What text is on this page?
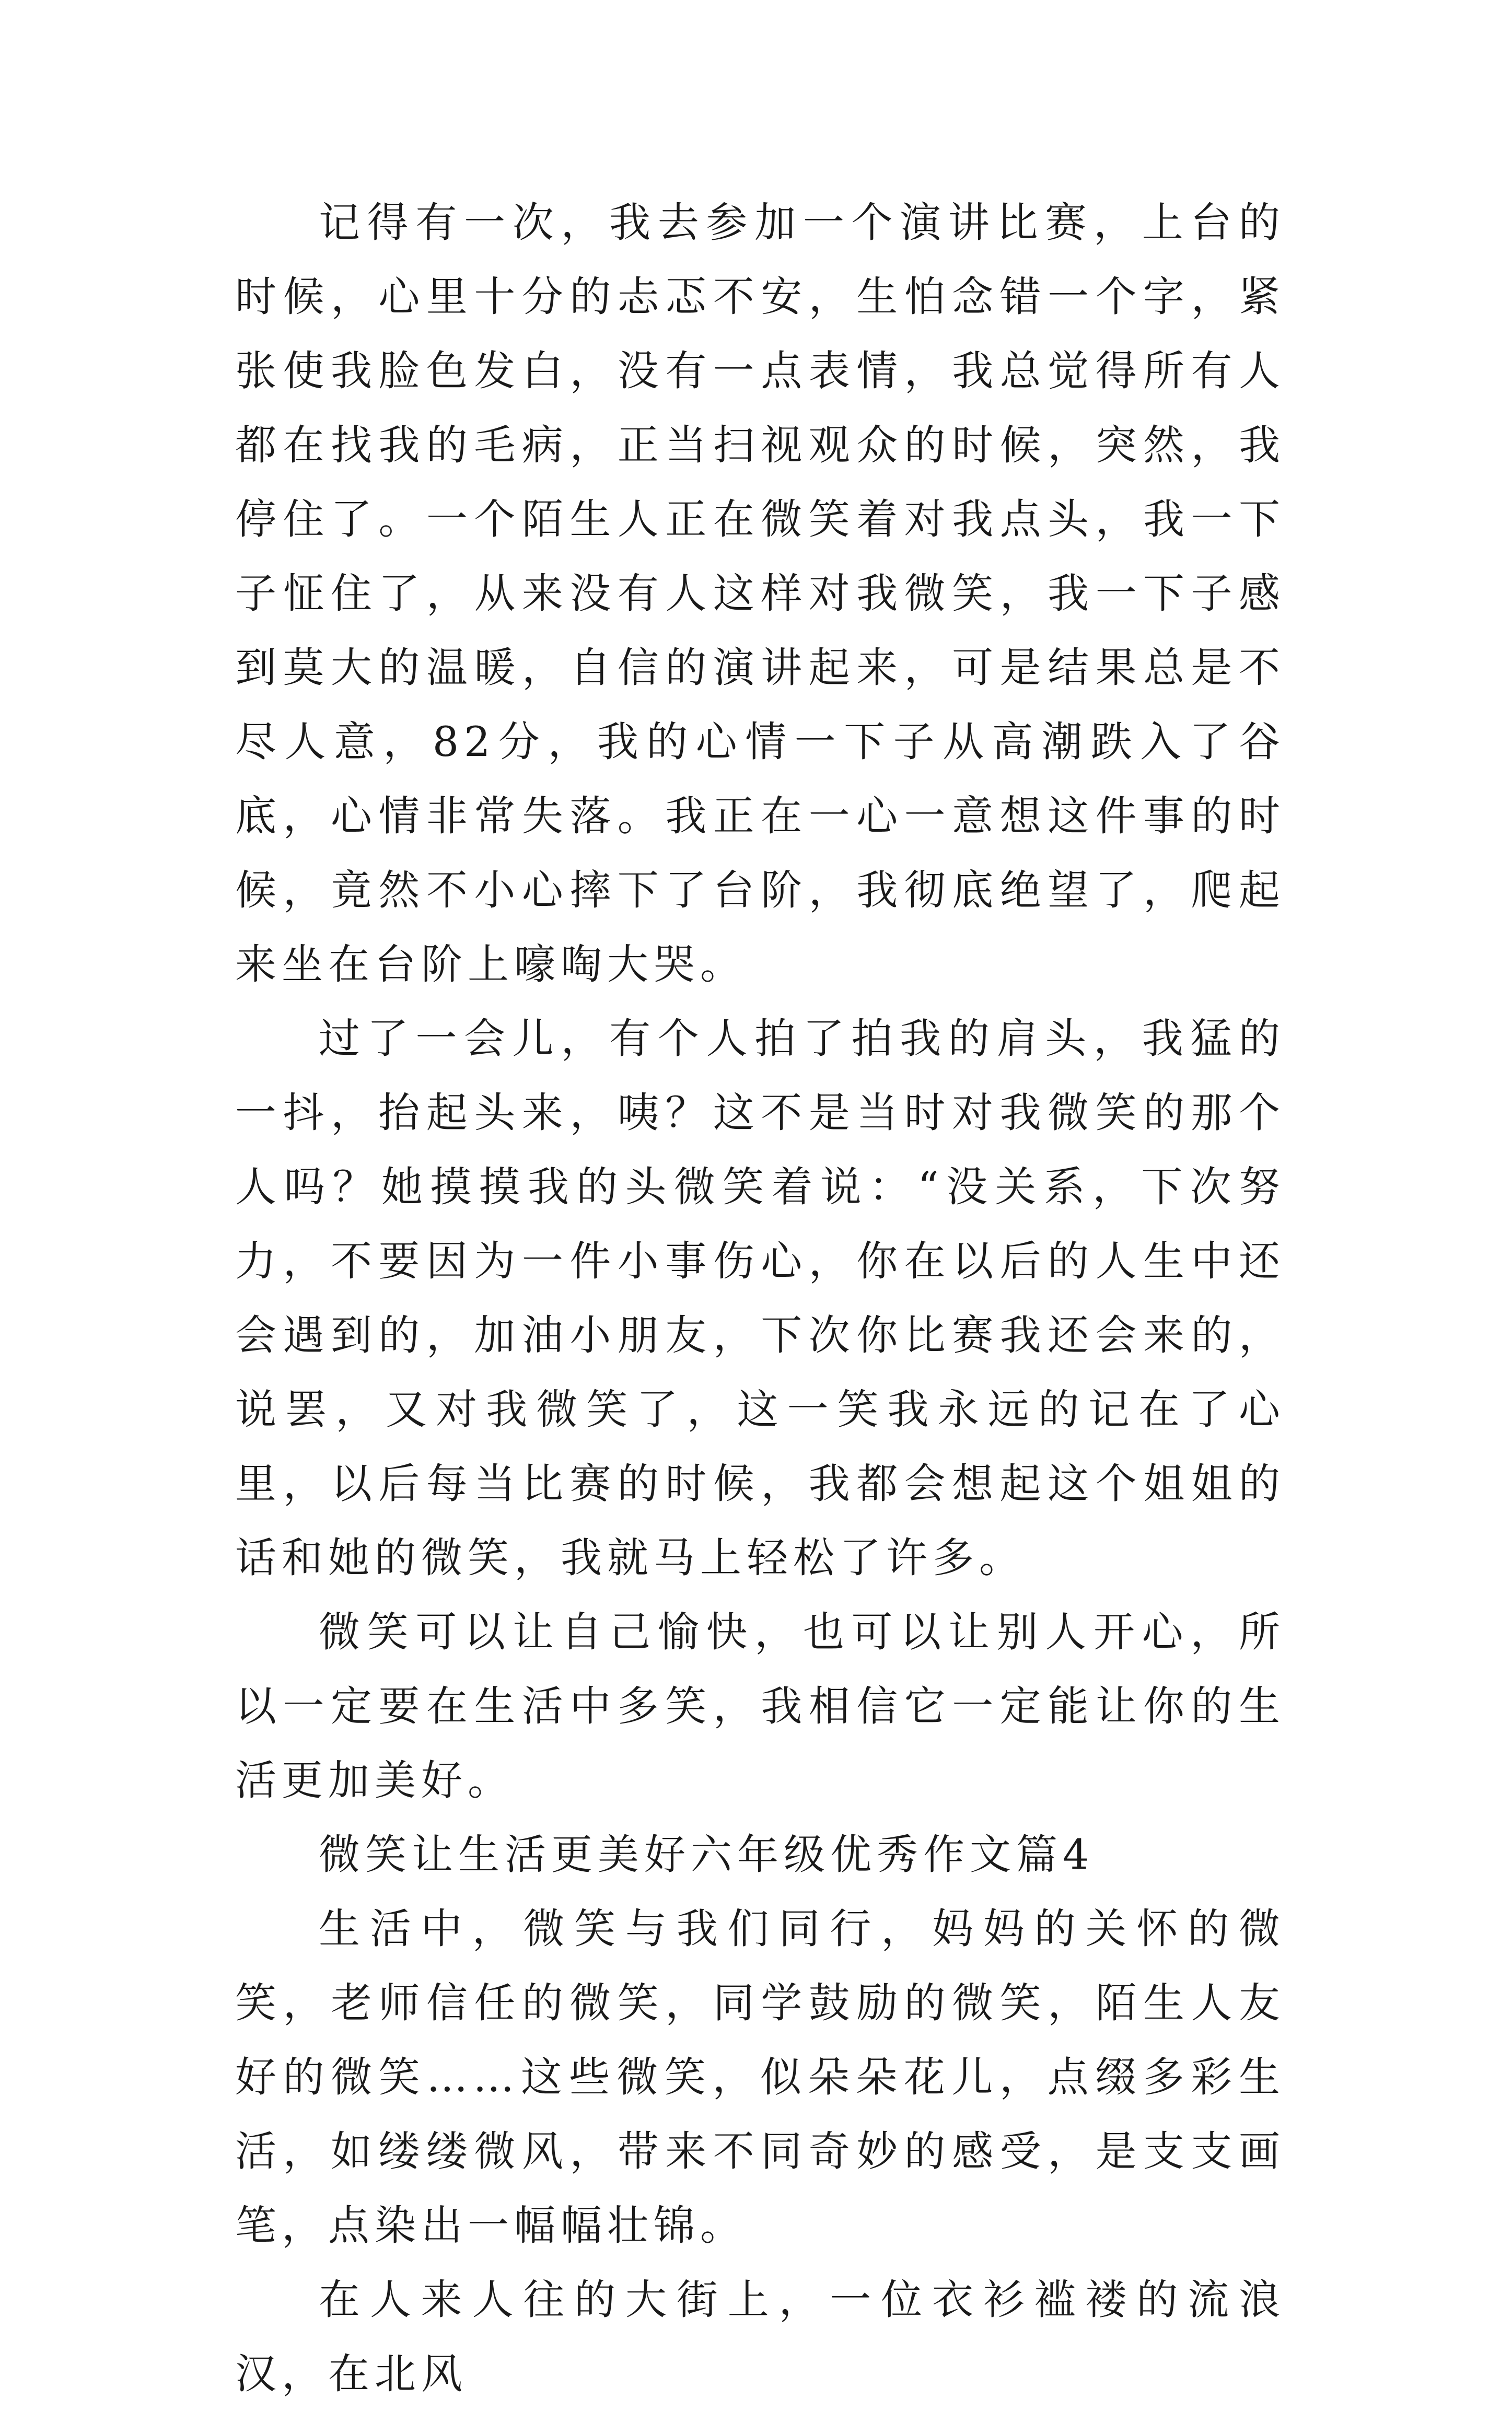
记得有一次，我去参加一个演讲比赛，上台的时候，心里十分的忐忑不安，生怕念错一个字，紧张使我脸色发白，没有一点表情，我总觉得所有人都在找我的毛病，正当扫视观众的时候，突然，我停住了。一个陌生人正在微笑着对我点头，我一下子怔住了，从来没有人这样对我微笑，我一下子感到莫大的温暖，自信的演讲起来，可是结果总是不尽人意，82分，我的心情一下子从高潮跌入了谷底，心情非常失落。我正在一心一意想这件事的时候，竟然不小心摔下了台阶，我彻底绝望了，爬起来坐在台阶上嚎啕大哭。

过了一会儿，有个人拍了拍我的肩头，我猛的一抖，抬起头来，咦？这不是当时对我微笑的那个人吗？她摸摸我的头微笑着说：“没关系，下次努力，不要因为一件小事伤心，你在以后的人生中还会遇到的，加油小朋友，下次你比赛我还会来的，说罢，又对我微笑了，这一笑我永远的记在了心里，以后每当比赛的时候，我都会想起这个姐姐的话和她的微笑，我就马上轻松了许多。

微笑可以让自己愉快，也可以让别人开心，所以一定要在生活中多笑，我相信它一定能让你的生活更加美好。

微笑让生活更美好六年级优秀作文篇4

生活中，微笑与我们同行，妈妈的关怀的微笑，老师信任的微笑，同学鼓励的微笑，陌生人友好的微笑……这些微笑，似朵朵花儿，点缀多彩生活，如缕缕微风，带来不同奇妙的感受，是支支画笔，点染出一幅幅壮锦。

在人来人往的大街上，一位衣衫褴褛的流浪汉，在北风
